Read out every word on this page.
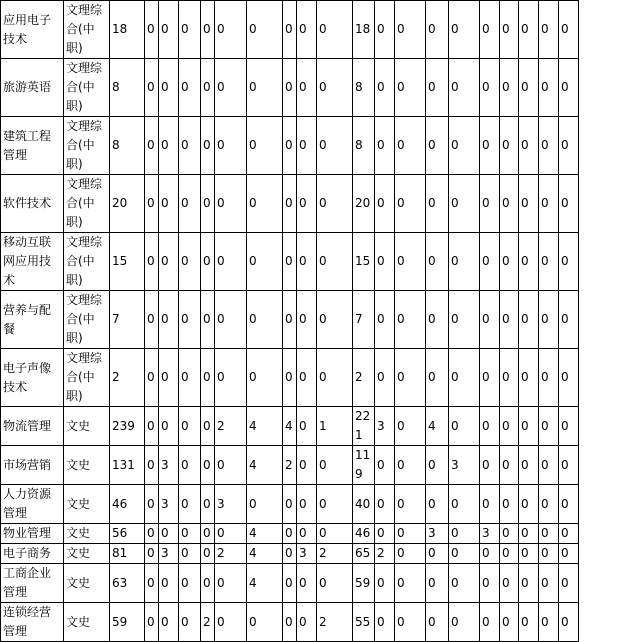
应用电子技术	文理综合(中职)	18	0	0	0	0	0	0	0	0	0	18	0	0	0	0	0	0	0	0	0
旅游英语	文理综合(中职)	8	0	0	0	0	0	0	0	0	0	8	0	0	0	0	0	0	0	0	0
建筑工程管理	文理综合(中职)	8	0	0	0	0	0	0	0	0	0	8	0	0	0	0	0	0	0	0	0
软件技术	文理综合(中职)	20	0	0	0	0	0	0	0	0	0	20	0	0	0	0	0	0	0	0	0
移动互联网应用技术	文理综合(中职)	15	0	0	0	0	0	0	0	0	0	15	0	0	0	0	0	0	0	0	0
营养与配餐	文理综合(中职)	7	0	0	0	0	0	0	0	0	0	7	0	0	0	0	0	0	0	0	0
电子声像技术	文理综合(中职)	2	0	0	0	0	0	0	0	0	0	2	0	0	0	0	0	0	0	0	0
物流管理	文史	239	0	0	0	0	2	4	4	0	1	221	3	0	4	0	0	0	0	0	0
市场营销	文史	131	0	3	0	0	0	4	2	0	0	119	0	0	0	3	0	0	0	0	0
人力资源管理	文史	46	0	3	0	0	3	0	0	0	0	40	0	0	0	0	0	0	0	0	0
物业管理	文史	56	0	0	0	0	0	4	0	0	0	46	0	0	3	0	3	0	0	0	0
电子商务	文史	81	0	3	0	0	2	4	0	3	2	65	2	0	0	0	0	0	0	0	0
工商企业管理	文史	63	0	0	0	0	0	4	0	0	0	59	0	0	0	0	0	0	0	0	0
连锁经营管理	文史	59	0	0	0	2	0	0	0	0	2	55	0	0	0	0	0	0	0	0	0
